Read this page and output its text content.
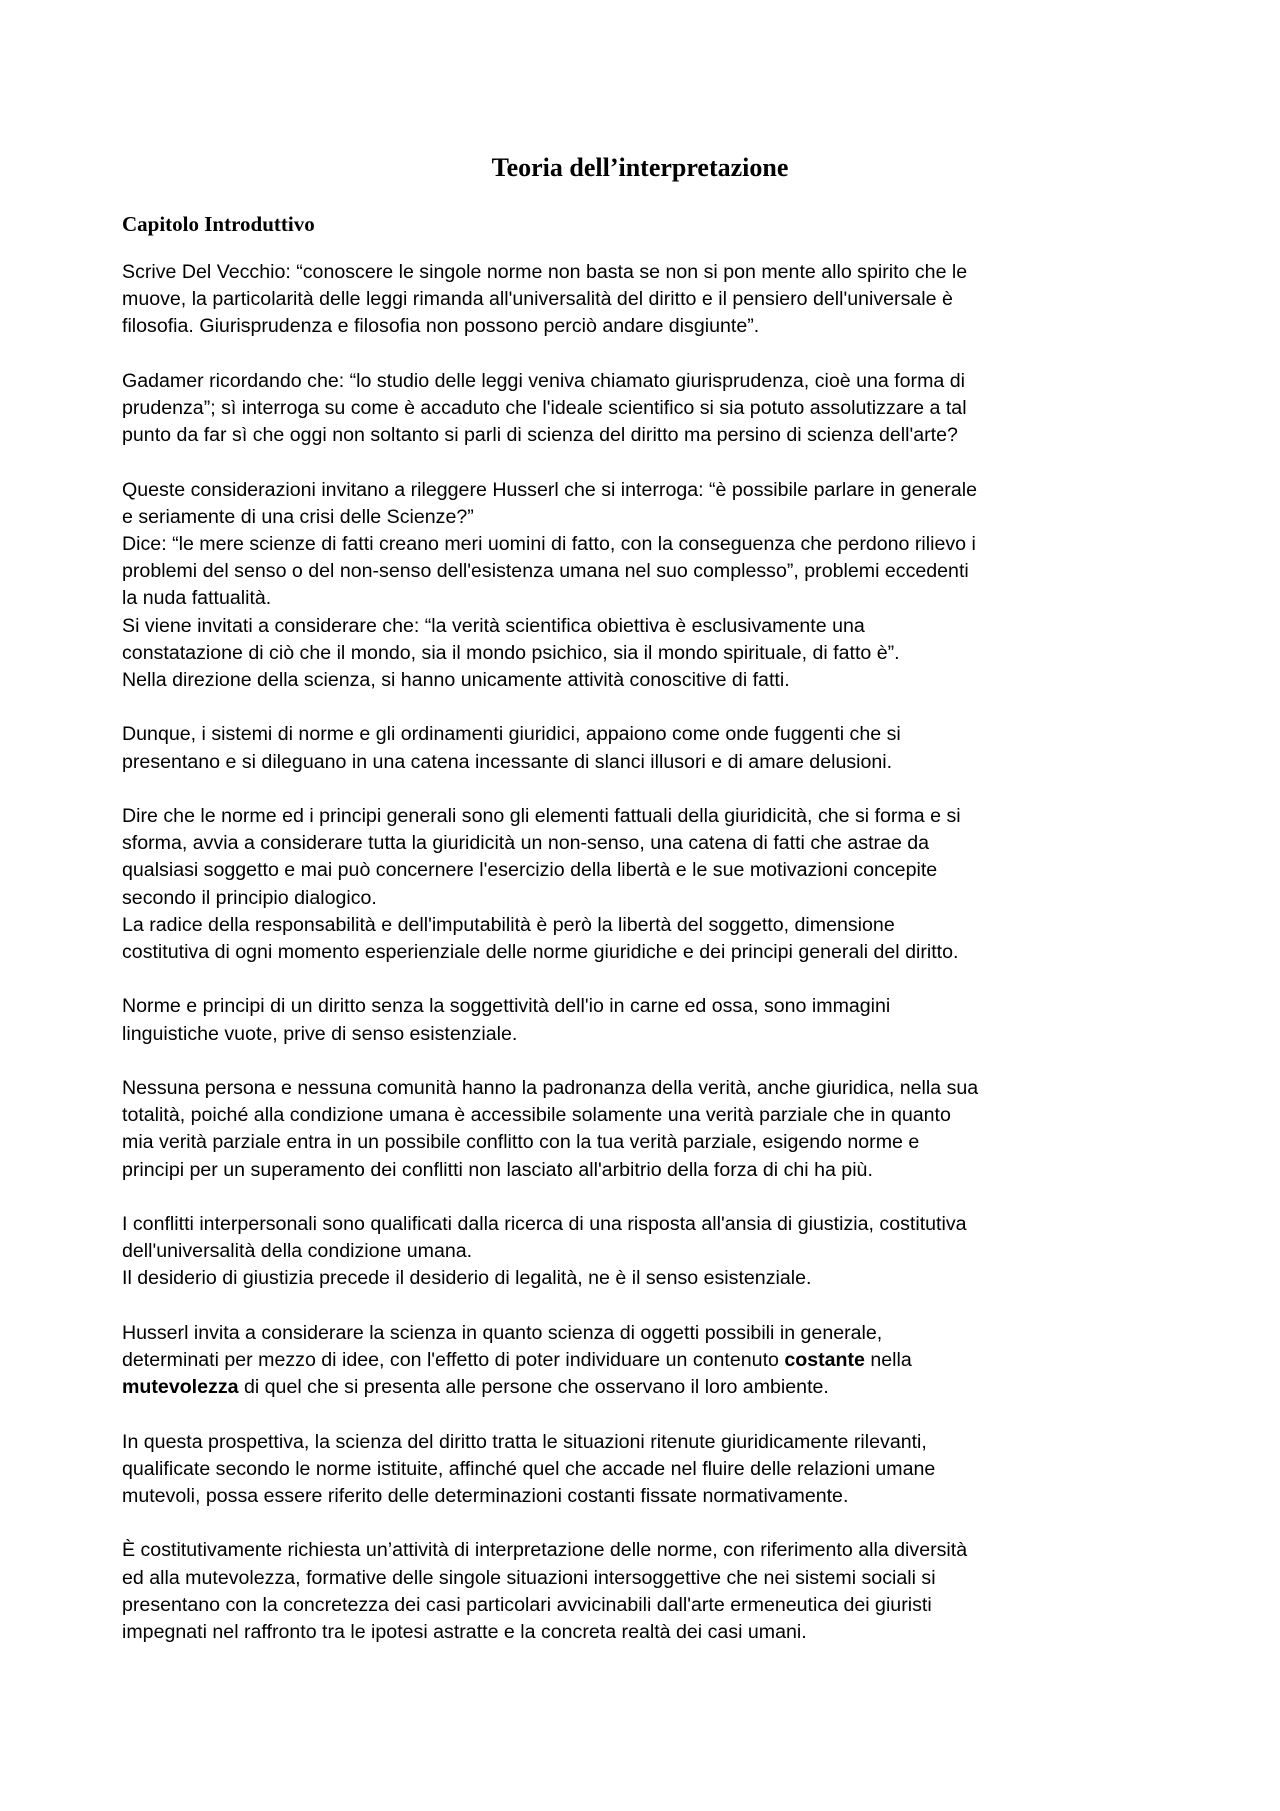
Teoria dell’interpretazione
Capitolo Introduttivo

Scrive Del Vecchio: “conoscere le singole norme non basta se non si pon mente allo spirito che le
muove, la particolarità delle leggi rimanda all'universalità del diritto e il pensiero dell'universale è
filosofia. Giurisprudenza e filosofia non possono perciò andare disgiunte”.

Gadamer ricordando che: “lo studio delle leggi veniva chiamato giurisprudenza, cioè una forma di
prudenza”; sì interroga su come è accaduto che l'ideale scientifico si sia potuto assolutizzare a tal
punto da far sì che oggi non soltanto si parli di scienza del diritto ma persino di scienza dell'arte?

Queste considerazioni invitano a rileggere Husserl che si interroga: “è possibile parlare in generale
e seriamente di una crisi delle Scienze?”
Dice: “le mere scienze di fatti creano meri uomini di fatto, con la conseguenza che perdono rilievo i
problemi del senso o del non-senso dell'esistenza umana nel suo complesso”, problemi eccedenti
la nuda fattualità.
Si viene invitati a considerare che: “la verità scientifica obiettiva è esclusivamente una
constatazione di ciò che il mondo, sia il mondo psichico, sia il mondo spirituale, di fatto è”.
Nella direzione della scienza, si hanno unicamente attività conoscitive di fatti.

Dunque, i sistemi di norme e gli ordinamenti giuridici, appaiono come onde fuggenti che si
presentano e si dileguano in una catena incessante di slanci illusori e di amare delusioni.

Dire che le norme ed i principi generali sono gli elementi fattuali della giuridicità, che si forma e si
sforma, avvia a considerare tutta la giuridicità un non-senso, una catena di fatti che astrae da
qualsiasi soggetto e mai può concernere l'esercizio della libertà e le sue motivazioni concepite
secondo il principio dialogico.
La radice della responsabilità e dell'imputabilità è però la libertà del soggetto, dimensione
costitutiva di ogni momento esperienziale delle norme giuridiche e dei principi generali del diritto.

Norme e principi di un diritto senza la soggettività dell'io in carne ed ossa, sono immagini
linguistiche vuote, prive di senso esistenziale.

Nessuna persona e nessuna comunità hanno la padronanza della verità, anche giuridica, nella sua
totalità, poiché alla condizione umana è accessibile solamente una verità parziale che in quanto
mia verità parziale entra in un possibile conflitto con la tua verità parziale, esigendo norme e
principi per un superamento dei conflitti non lasciato all'arbitrio della forza di chi ha più.

I conflitti interpersonali sono qualificati dalla ricerca di una risposta all'ansia di giustizia, costitutiva
dell'universalità della condizione umana.
Il desiderio di giustizia precede il desiderio di legalità, ne è il senso esistenziale.

Husserl invita a considerare la scienza in quanto scienza di oggetti possibili in generale,
determinati per mezzo di idee, con l'effetto di poter individuare un contenuto costante nella
mutevolezza di quel che si presenta alle persone che osservano il loro ambiente.

In questa prospettiva, la scienza del diritto tratta le situazioni ritenute giuridicamente rilevanti,
qualificate secondo le norme istituite, affinché quel che accade nel fluire delle relazioni umane
mutevoli, possa essere riferito delle determinazioni costanti fissate normativamente.

È costitutivamente richiesta un’attività di interpretazione delle norme, con riferimento alla diversità
ed alla mutevolezza, formative delle singole situazioni intersoggettive che nei sistemi sociali si
presentano con la concretezza dei casi particolari avvicinabili dall'arte ermeneutica dei giuristi
impegnati nel raffronto tra le ipotesi astratte e la concreta realtà dei casi umani.
